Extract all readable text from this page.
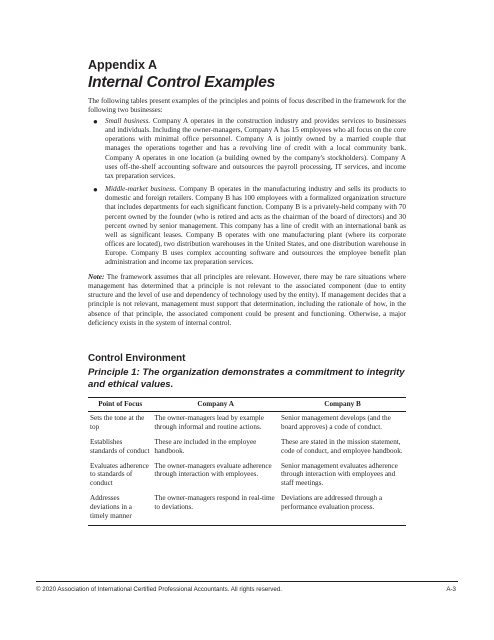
Appendix A
Internal Control Examples
The following tables present examples of the principles and points of focus described in the framework for the following two businesses:
● Small business. Company A operates in the construction industry and provides services to businesses and individuals. Including the owner-managers, Company A has 15 employees who all focus on the core operations with minimal office personnel. Company A is jointly owned by a married couple that manages the operations together and has a revolving line of credit with a local community bank. Company A operates in one location (a building owned by the company's stockholders). Company A uses off-the-shelf accounting software and outsources the payroll processing, IT services, and income tax preparation services.
● Middle-market business. Company B operates in the manufacturing industry and sells its products to domestic and foreign retailers. Company B has 100 employees with a formalized organization structure that includes departments for each significant function. Company B is a privately-held company with 70 percent owned by the founder (who is retired and acts as the chairman of the board of directors) and 30 percent owned by senior management. This company has a line of credit with an international bank as well as significant leases. Company B operates with one manufacturing plant (where its corporate offices are located), two distribution warehouses in the United States, and one distribution warehouse in Europe. Company B uses complex accounting software and outsources the employee benefit plan administration and income tax preparation services.
Note: The framework assumes that all principles are relevant. However, there may be rare situations where management has determined that a principle is not relevant to the associated component (due to entity structure and the level of use and dependency of technology used by the entity). If management decides that a principle is not relevant, management must support that determination, including the rationale of how, in the absence of that principle, the associated component could be present and functioning. Otherwise, a major deficiency exists in the system of internal control.
Control Environment
Principle 1: The organization demonstrates a commitment to integrity and ethical values.
Point of Focus	Company A	Company B
Sets the tone at the top	The owner-managers lead by example through informal and routine actions.	Senior management develops (and the board approves) a code of conduct.
Establishes standards of conduct	These are included in the employee handbook.	These are stated in the mission statement, code of conduct, and employee handbook.
Evaluates adherence to standards of conduct	The owner-managers evaluate adherence through interaction with employees.	Senior management evaluates adherence through interaction with employees and staff meetings.
Addresses deviations in a timely manner	The owner-managers respond in real-time to deviations.	Deviations are addressed through a performance evaluation process.
© 2020 Association of International Certified Professional Accountants. All rights reserved.	A-3
